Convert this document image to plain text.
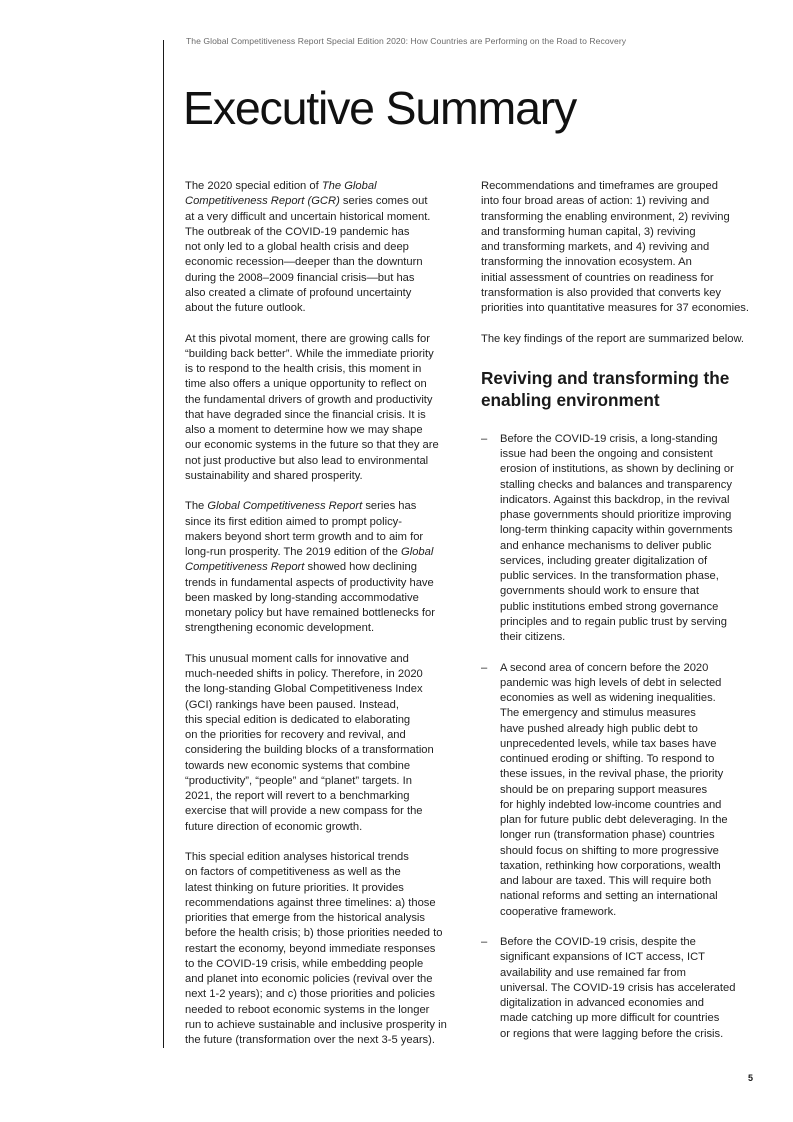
The Global Competitiveness Report Special Edition 2020: How Countries are Performing on the Road to Recovery
Executive Summary

The 2020 special edition of The Global
Competitiveness Report (GCR) series comes out
at a very difficult and uncertain historical moment.
The outbreak of the COVID-19 pandemic has
not only led to a global health crisis and deep
economic recession—deeper than the downturn
during the 2008–2009 financial crisis—but has
also created a climate of profound uncertainty
about the future outlook.

At this pivotal moment, there are growing calls for
“building back better”. While the immediate priority
is to respond to the health crisis, this moment in
time also offers a unique opportunity to reflect on
the fundamental drivers of growth and productivity
that have degraded since the financial crisis. It is
also a moment to determine how we may shape
our economic systems in the future so that they are
not just productive but also lead to environmental
sustainability and shared prosperity.

The Global Competitiveness Report series has
since its first edition aimed to prompt policy-
makers beyond short term growth and to aim for
long-run prosperity. The 2019 edition of the Global
Competitiveness Report showed how declining
trends in fundamental aspects of productivity have
been masked by long-standing accommodative
monetary policy but have remained bottlenecks for
strengthening economic development.

This unusual moment calls for innovative and
much-needed shifts in policy. Therefore, in 2020
the long-standing Global Competitiveness Index
(GCI) rankings have been paused. Instead,
this special edition is dedicated to elaborating
on the priorities for recovery and revival, and
considering the building blocks of a transformation
towards new economic systems that combine
“productivity”, “people” and “planet” targets. In
2021, the report will revert to a benchmarking
exercise that will provide a new compass for the
future direction of economic growth.

This special edition analyses historical trends
on factors of competitiveness as well as the
latest thinking on future priorities. It provides
recommendations against three timelines: a) those
priorities that emerge from the historical analysis
before the health crisis; b) those priorities needed to
restart the economy, beyond immediate responses
to the COVID-19 crisis, while embedding people
and planet into economic policies (revival over the
next 1-2 years); and c) those priorities and policies
needed to reboot economic systems in the longer
run to achieve sustainable and inclusive prosperity in
the future (transformation over the next 3-5 years).

Recommendations and timeframes are grouped
into four broad areas of action: 1) reviving and
transforming the enabling environment, 2) reviving
and transforming human capital, 3) reviving
and transforming markets, and 4) reviving and
transforming the innovation ecosystem. An
initial assessment of countries on readiness for
transformation is also provided that converts key
priorities into quantitative measures for 37 economies.

The key findings of the report are summarized below.

Reviving and transforming the
enabling environment
– Before the COVID-19 crisis, a long-standing
issue had been the ongoing and consistent
erosion of institutions, as shown by declining or
stalling checks and balances and transparency
indicators. Against this backdrop, in the revival
phase governments should prioritize improving
long-term thinking capacity within governments
and enhance mechanisms to deliver public
services, including greater digitalization of
public services. In the transformation phase,
governments should work to ensure that
public institutions embed strong governance
principles and to regain public trust by serving
their citizens.
– A second area of concern before the 2020
pandemic was high levels of debt in selected
economies as well as widening inequalities.
The emergency and stimulus measures
have pushed already high public debt to
unprecedented levels, while tax bases have
continued eroding or shifting. To respond to
these issues, in the revival phase, the priority
should be on preparing support measures
for highly indebted low-income countries and
plan for future public debt deleveraging. In the
longer run (transformation phase) countries
should focus on shifting to more progressive
taxation, rethinking how corporations, wealth
and labour are taxed. This will require both
national reforms and setting an international
cooperative framework.
– Before the COVID-19 crisis, despite the
significant expansions of ICT access, ICT
availability and use remained far from
universal. The COVID-19 crisis has accelerated
digitalization in advanced economies and
made catching up more difficult for countries
or regions that were lagging before the crisis.
5
